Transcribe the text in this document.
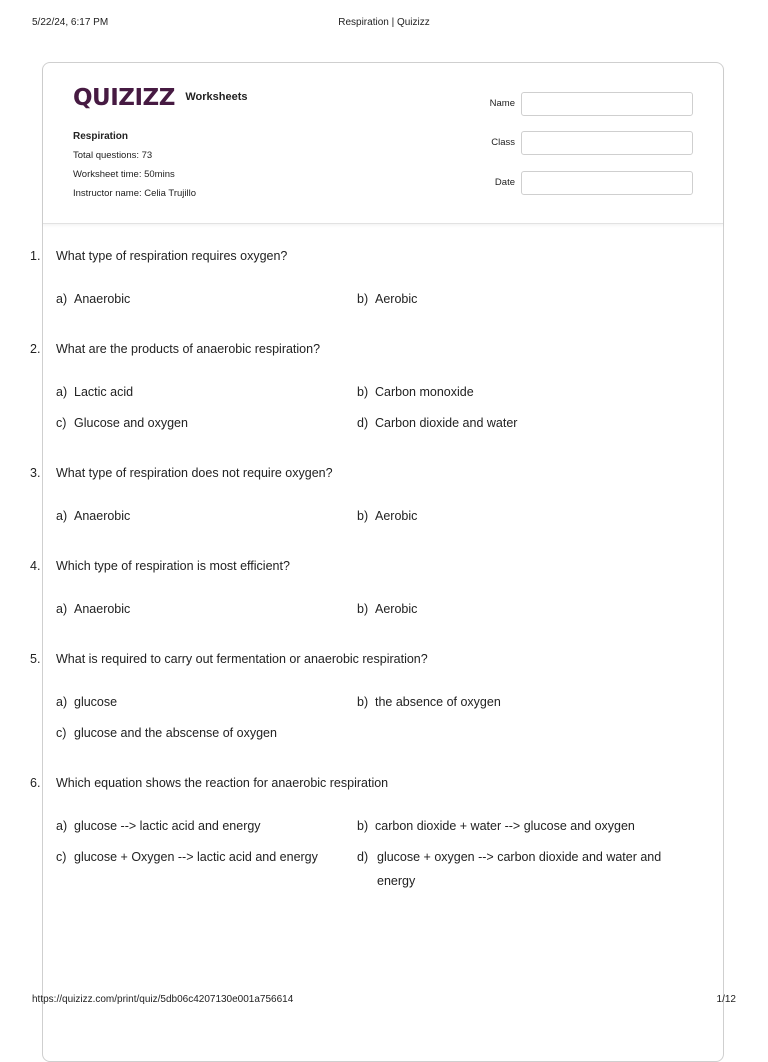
5/22/24, 6:17 PM	Respiration | Quizizz
QUIZIZZ Worksheets
Respiration
Total questions: 73
Worksheet time: 50mins
Instructor name: Celia Trujillo
Name
Class
Date
1. What type of respiration requires oxygen?
a) Anaerobic	b) Aerobic
2. What are the products of anaerobic respiration?
a) Lactic acid	b) Carbon monoxide
c) Glucose and oxygen	d) Carbon dioxide and water
3. What type of respiration does not require oxygen?
a) Anaerobic	b) Aerobic
4. Which type of respiration is most efficient?
a) Anaerobic	b) Aerobic
5. What is required to carry out fermentation or anaerobic respiration?
a) glucose	b) the absence of oxygen
c) glucose and the abscense of oxygen
6. Which equation shows the reaction for anaerobic respiration
a) glucose --> lactic acid and energy	b) carbon dioxide + water --> glucose and oxygen
c) glucose + Oxygen --> lactic acid and energy	d) glucose + oxygen --> carbon dioxide and water and energy
https://quizizz.com/print/quiz/5db06c4207130e001a756614	1/12
